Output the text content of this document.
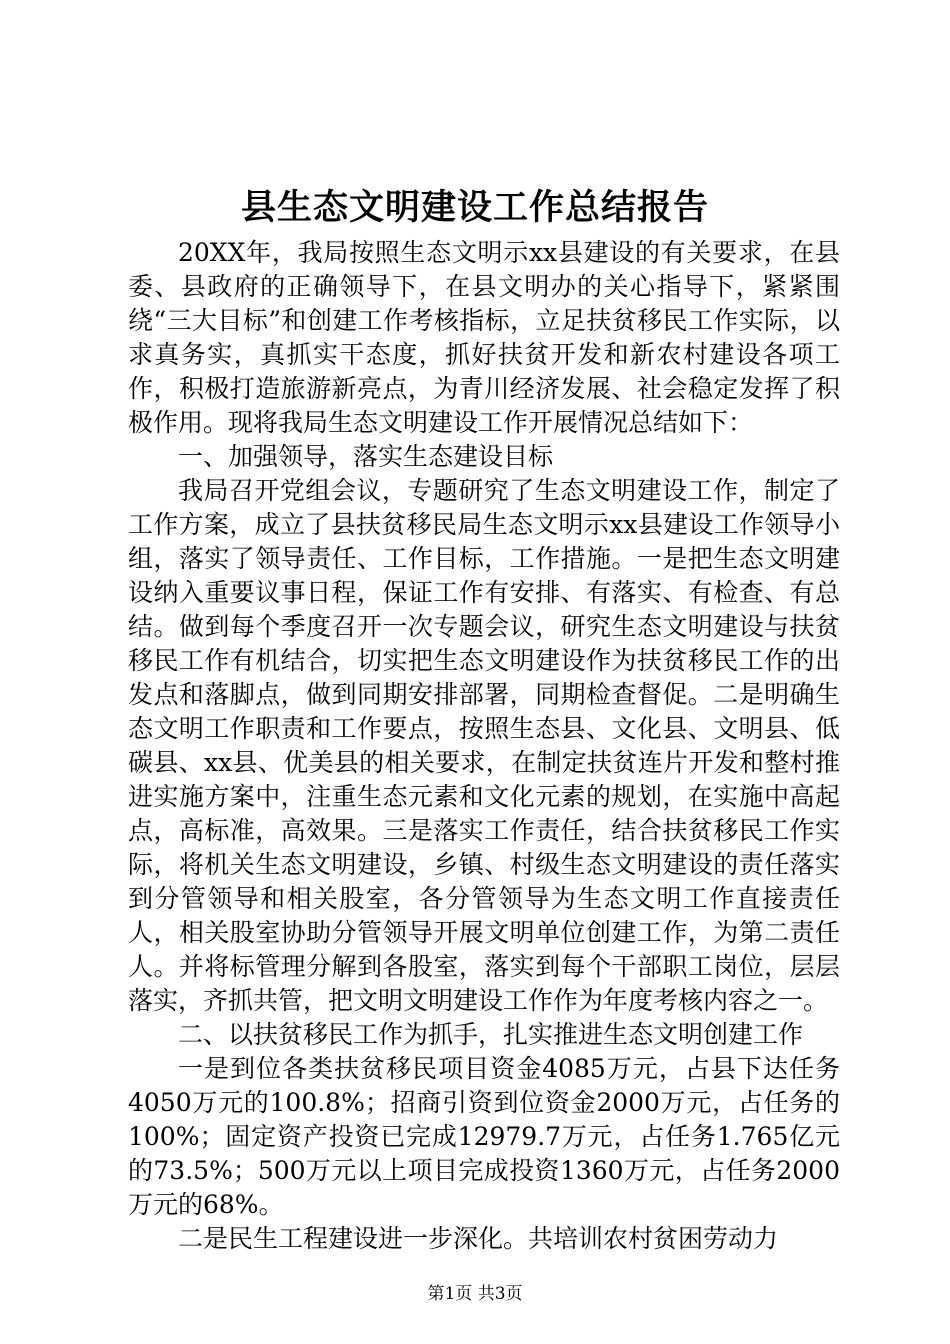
县生态文明建设工作总结报告

20XX年，我局按照生态文明示xx县建设的有关要求，在县委、县政府的正确领导下，在县文明办的关心指导下，紧紧围绕“三大目标”和创建工作考核指标，立足扶贫移民工作实际，以求真务实，真抓实干态度，抓好扶贫开发和新农村建设各项工作，积极打造旅游新亮点，为青川经济发展、社会稳定发挥了积极作用。现将我局生态文明建设工作开展情况总结如下：

一、加强领导，落实生态建设目标

我局召开党组会议，专题研究了生态文明建设工作，制定了工作方案，成立了县扶贫移民局生态文明示xx县建设工作领导小组，落实了领导责任、工作目标，工作措施。一是把生态文明建设纳入重要议事日程，保证工作有安排、有落实、有检查、有总结。做到每个季度召开一次专题会议，研究生态文明建设与扶贫移民工作有机结合，切实把生态文明建设作为扶贫移民工作的出发点和落脚点，做到同期安排部署，同期检查督促。二是明确生态文明工作职责和工作要点，按照生态县、文化县、文明县、低碳县、xx县、优美县的相关要求，在制定扶贫连片开发和整村推进实施方案中，注重生态元素和文化元素的规划，在实施中高起点，高标准，高效果。三是落实工作责任，结合扶贫移民工作实际，将机关生态文明建设，乡镇、村级生态文明建设的责任落实到分管领导和相关股室，各分管领导为生态文明工作直接责任人，相关股室协助分管领导开展文明单位创建工作，为第二责任人。并将标管理分解到各股室，落实到每个干部职工岗位，层层落实，齐抓共管，把文明文明建设工作作为年度考核内容之一。

二、以扶贫移民工作为抓手，扎实推进生态文明创建工作

一是到位各类扶贫移民项目资金4085万元，占县下达任务4050万元的100.8%；招商引资到位资金2000万元，占任务的100%；固定资产投资已完成12979.7万元，占任务1.765亿元的73.5%；500万元以上项目完成投资1360万元，占任务2000万元的68%。

二是民生工程建设进一步深化。共培训农村贫困劳动力

第1页 共3页
